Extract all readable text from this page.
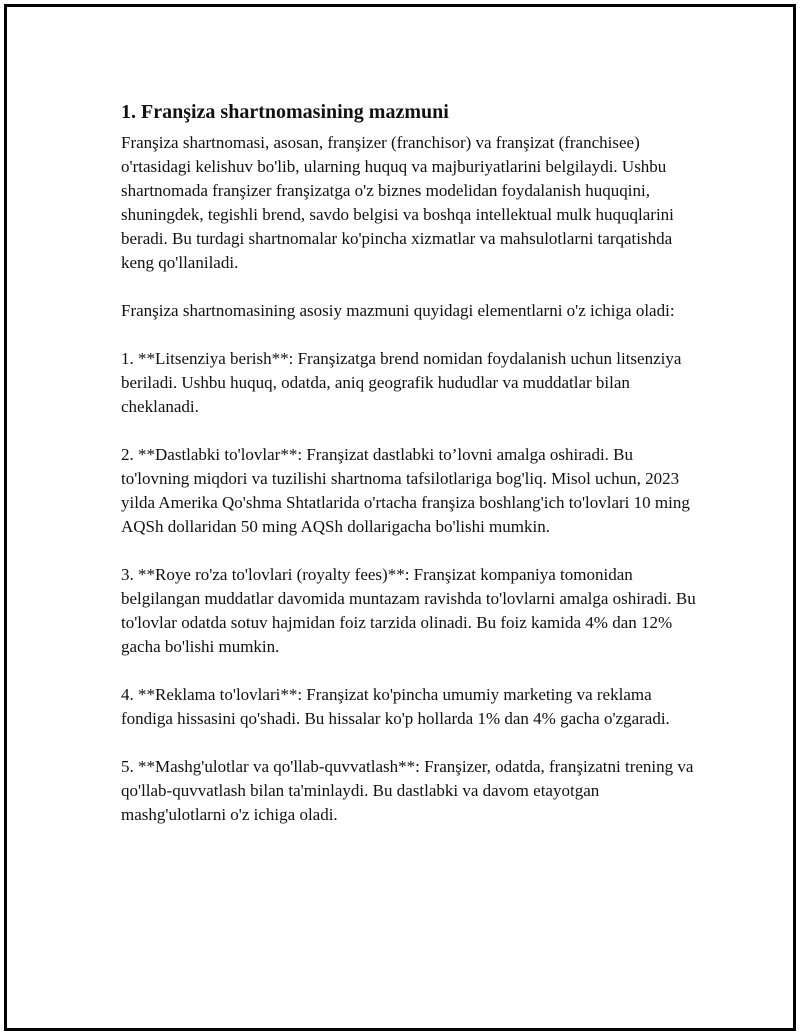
1. Franşiza shartnomasining mazmuni

Franşiza shartnomasi, asosan, franşizer (franchisor) va franşizat (franchisee) o'rtasidagi kelishuv bo'lib, ularning huquq va majburiyatlarini belgilaydi. Ushbu shartnomada franşizer franşizatga o'z biznes modelidan foydalanish huquqini, shuningdek, tegishli brend, savdo belgisi va boshqa intellektual mulk huquqlarini beradi. Bu turdagi shartnomalar ko'pincha xizmatlar va mahsulotlarni tarqatishda keng qo'llaniladi.

Franşiza shartnomasining asosiy mazmuni quyidagi elementlarni o'z ichiga oladi:

1. **Litsenziya berish**: Franşizatga brend nomidan foydalanish uchun litsenziya beriladi. Ushbu huquq, odatda, aniq geografik hududlar va muddatlar bilan cheklanadi.

2. **Dastlabki to'lovlar**: Franşizat dastlabki to’lovni amalga oshiradi. Bu to'lovning miqdori va tuzilishi shartnoma tafsilotlariga bog'liq. Misol uchun, 2023 yilda Amerika Qo'shma Shtatlarida o'rtacha franşiza boshlang'ich to'lovlari 10 ming AQSh dollaridan 50 ming AQSh dollarigacha bo'lishi mumkin.

3. **Roye ro'za to'lovlari (royalty fees)**: Franşizat kompaniya tomonidan belgilangan muddatlar davomida muntazam ravishda to'lovlarni amalga oshiradi. Bu to'lovlar odatda sotuv hajmidan foiz tarzida olinadi. Bu foiz kamida 4% dan 12% gacha bo'lishi mumkin.

4. **Reklama to'lovlari**: Franşizat ko'pincha umumiy marketing va reklama fondiga hissasini qo'shadi. Bu hissalar ko'p hollarda 1% dan 4% gacha o'zgaradi.

5. **Mashg'ulotlar va qo'llab-quvvatlash**: Franşizer, odatda, franşizatni trening va qo'llab-quvvatlash bilan ta'minlaydi. Bu dastlabki va davom etayotgan mashg'ulotlarni o'z ichiga oladi.
